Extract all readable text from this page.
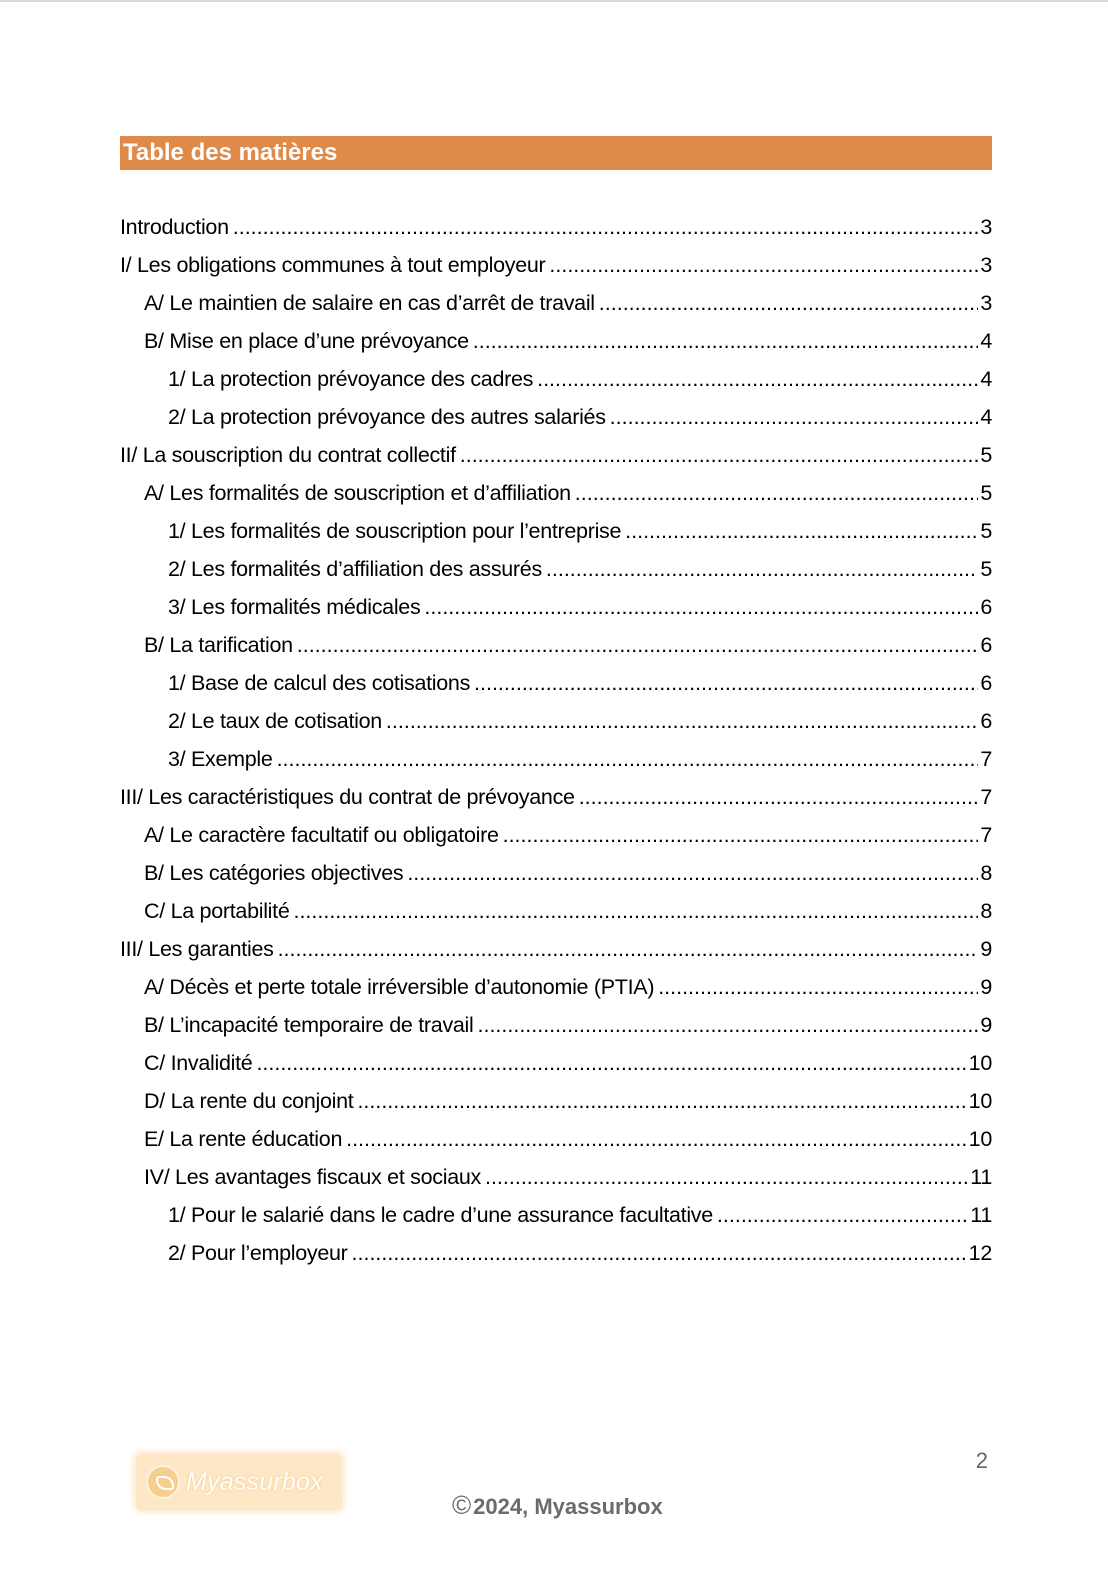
Table des matières
Introduction .....	3
I/ Les obligations communes à tout employeur .....	3
A/ Le maintien de salaire en cas d’arrêt de travail .....	3
B/ Mise en place d’une prévoyance .....	4
1/ La protection prévoyance des cadres .....	4
2/ La protection prévoyance des autres salariés .....	4
II/ La souscription du contrat collectif .....	5
A/ Les formalités de souscription et d’affiliation .....	5
1/ Les formalités de souscription pour l’entreprise .....	5
2/ Les formalités d’affiliation des assurés .....	5
3/ Les formalités médicales .....	6
B/ La tarification .....	6
1/ Base de calcul des cotisations .....	6
2/ Le taux de cotisation .....	6
3/ Exemple .....	7
III/ Les caractéristiques du contrat de prévoyance .....	7
A/ Le caractère facultatif ou obligatoire .....	7
B/ Les catégories objectives .....	8
C/ La portabilité .....	8
III/ Les garanties .....	9
A/ Décès et perte totale irréversible d’autonomie (PTIA) .....	9
B/ L’incapacité temporaire de travail .....	9
C/ Invalidité .....	10
D/ La rente du conjoint .....	10
E/ La rente éducation .....	10
IV/ Les avantages fiscaux et sociaux .....	11
1/ Pour le salarié dans le cadre d’une assurance facultative .....	11
2/ Pour l’employeur .....	12
Myassurbox
2
© 2024, Myassurbox
